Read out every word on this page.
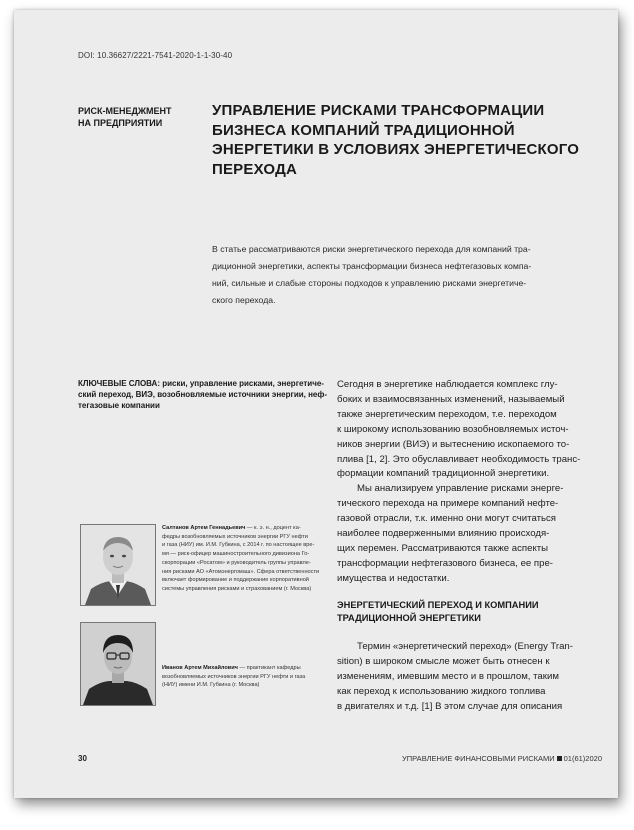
DOI: 10.36627/2221-7541-2020-1-1-30-40
РИСК-МЕНЕДЖМЕНТ
НА ПРЕДПРИЯТИИ
УПРАВЛЕНИЕ РИСКАМИ ТРАНСФОРМАЦИИ
БИЗНЕСА КОМПАНИЙ ТРАДИЦИОННОЙ
ЭНЕРГЕТИКИ В УСЛОВИЯХ ЭНЕРГЕТИЧЕСКОГО
ПЕРЕХОДА
В статье рассматриваются риски энергетического перехода для компаний тра-
диционной энергетики, аспекты трансформации бизнеса нефтегазовых компа-
ний, сильные и слабые стороны подходов к управлению рисками энергетиче-
ского перехода.
КЛЮЧЕВЫЕ СЛОВА: риски, управление рисками, энергетиче-
ский переход, ВИЭ, возобновляемые источники энергии, неф-
тегазовые компании
Салтанов Артем Геннадьевич — к. э. н., доцент ка-
федры возобновляемых источников энергии РГУ нефти
и газа (НИУ) им. И.М. Губкина, с 2014 г. по настоящее вре-
мя — риск-офицер машиностроительного дивизиона Го-
скорпорации «Росатом» и руководитель группы управле-
ния рисками АО «Атомэнергомаш». Сфера ответственности
включает формирование и поддержание корпоративной
системы управления рисками и страхованием (г. Москва)
Иванов Артем Михайлович — практикант кафедры
возобновляемых источников энергии РГУ нефти и газа
(НИУ) имени И.М. Губкина (г. Москва)

Сегодня в энергетике наблюдается комплекс глу-
боких и взаимосвязанных изменений, называемый
также энергетическим переходом, т.е. переходом
к широкому использованию возобновляемых источ-
ников энергии (ВИЭ) и вытеснению ископаемого то-
плива [1, 2]. Это обуславливает необходимость транс-
формации компаний традиционной энергетики.

Мы анализируем управление рисками энерге-
тического перехода на примере компаний нефте-
газовой отрасли, т.к. именно они могут считаться
наиболее подверженными влиянию происходя-
щих перемен. Рассматриваются также аспекты
трансформации нефтегазового бизнеса, ее пре-
имущества и недостатки.

ЭНЕРГЕТИЧЕСКИЙ ПЕРЕХОД И КОМПАНИИ
ТРАДИЦИОННОЙ ЭНЕРГЕТИКИ

Термин «энергетический переход» (Energy Tran-
sition) в широком смысле может быть отнесен к
изменениям, имевшим место и в прошлом, таким
как переход к использованию жидкого топлива
в двигателях и т.д. [1] В этом случае для описания

30	УПРАВЛЕНИЕ ФИНАНСОВЫМИ РИСКАМИ 01(61)2020
